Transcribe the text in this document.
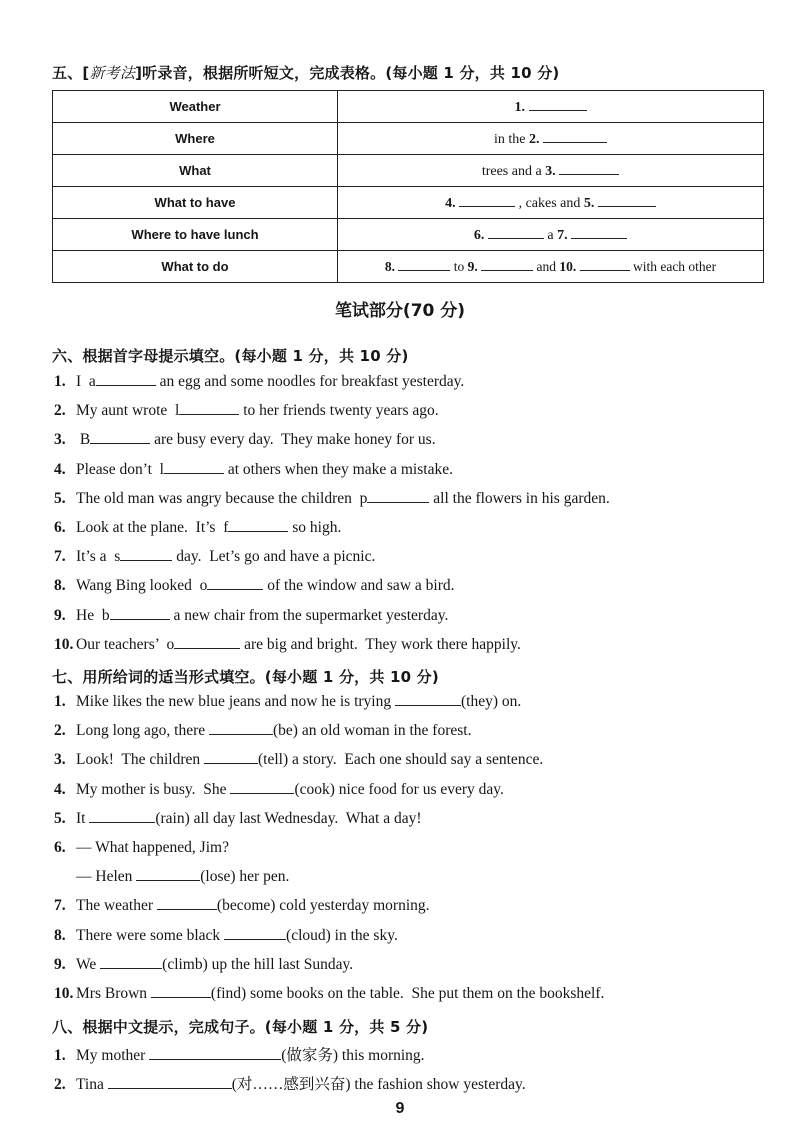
五、[新考法]听录音，根据所听短文，完成表格。(每小题 1 分，共 10 分)
Weather	1.
Where	in the 2.
What	trees and a 3.
What to have	4. , cakes and 5.
Where to have lunch	6. a 7.
What to do	8. to 9. and 10. with each other
笔试部分(70 分)
六、根据首字母提示填空。(每小题 1 分，共 10 分)
1. I  a	an egg and some noodles for breakfast yesterday.
2. My aunt wrote  l	to her friends twenty years ago.
3. B	are busy every day.  They make honey for us.
4. Please don’t  l	at others when they make a mistake.
5. The old man was angry because the children  p	all the flowers in his garden.
6. Look at the plane.  It’s  f	so high.
7. It’s a  s	day.  Let’s go and have a picnic.
8. Wang Bing looked  o	of the window and saw a bird.
9. He  b	a new chair from the supermarket yesterday.
10. Our teachers’  o	are big and bright.  They work there happily.
七、用所给词的适当形式填空。(每小题 1 分，共 10 分)
1. Mike likes the new blue jeans and now he is trying	(they) on.
2. Long long ago, there	(be) an old woman in the forest.
3. Look!  The children	(tell) a story.  Each one should say a sentence.
4. My mother is busy.  She	(cook) nice food for us every day.
5. It	(rain) all day last Wednesday.  What a day!
6. — What happened, Jim?
— Helen	(lose) her pen.
7. The weather	(become) cold yesterday morning.
8. There were some black	(cloud) in the sky.
9. We	(climb) up the hill last Sunday.
10. Mrs Brown	(find) some books on the table.  She put them on the bookshelf.
八、根据中文提示，完成句子。(每小题 1 分，共 5 分)
1. My mother	(做家务) this morning.
2. Tina	(对……感到兴奋) the fashion show yesterday.
9
